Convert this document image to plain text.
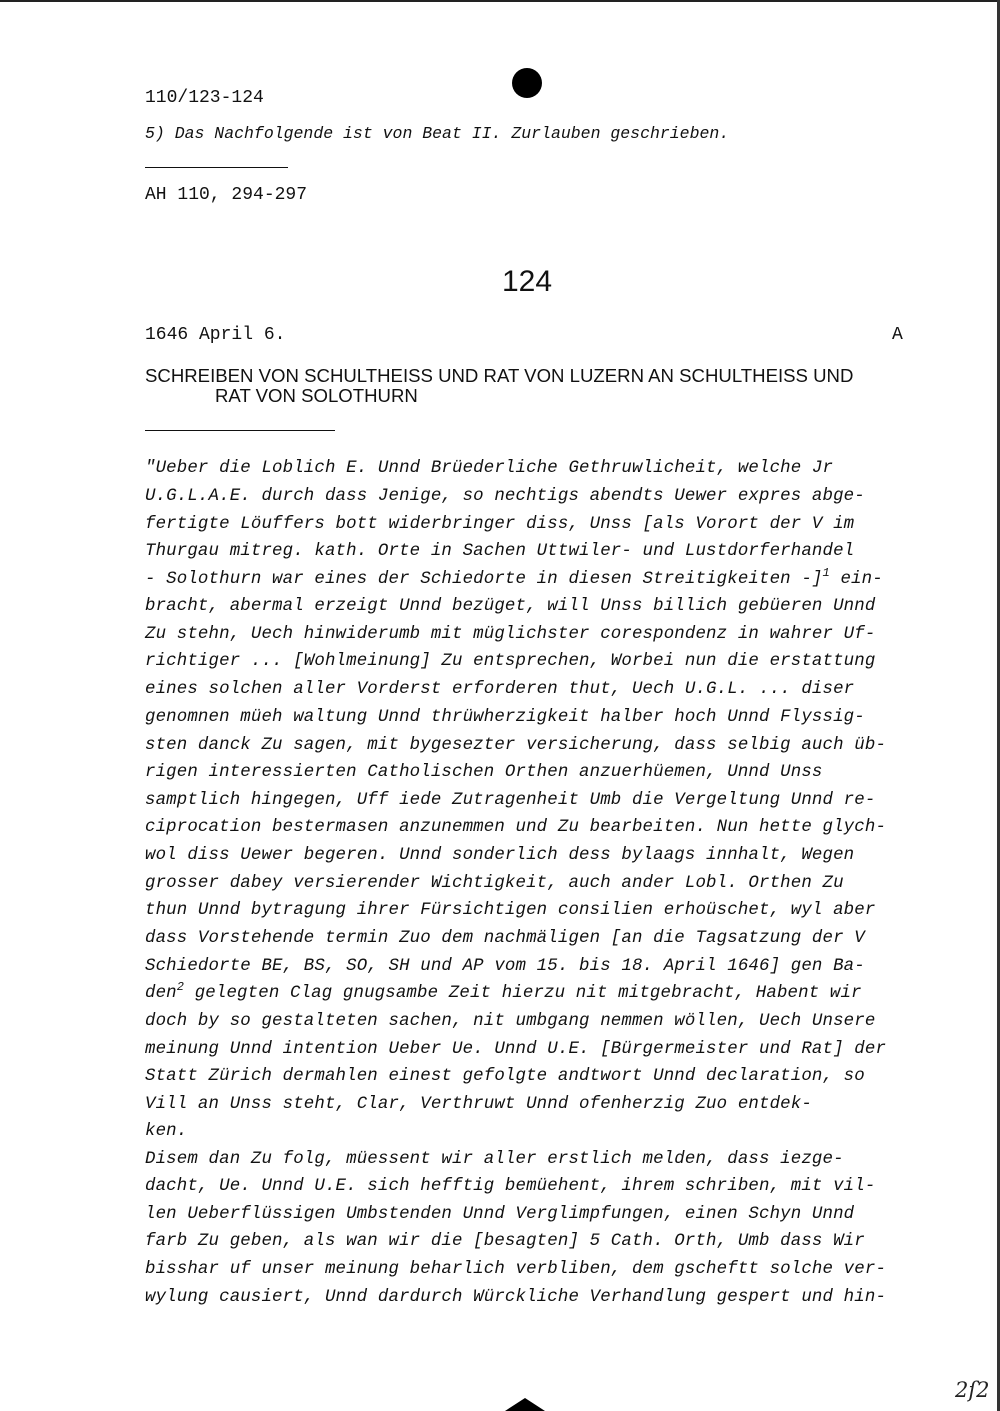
110/123-124
5) Das Nachfolgende ist von Beat II. Zurlauben geschrieben.
AH 110, 294-297
124
1646 April 6.	A
SCHREIBEN VON SCHULTHEISS UND RAT VON LUZERN AN SCHULTHEISS UND
RAT VON SOLOTHURN
"Ueber die Loblich E. Unnd Brüederliche Gethruwlicheit, welche Jr
U.G.L.A.E. durch dass Jenige, so nechtigs abendts Uewer expres abge-
fertigte Löuffers bott widerbringer diss, Unss [als Vorort der V im
Thurgau mitreg. kath. Orte in Sachen Uttwiler- und Lustdorferhandel
- Solothurn war eines der Schiedorte in diesen Streitigkeiten -]$^1$ ein-
bracht, abermal erzeigt Unnd bezüget, will Unss billich gebüeren Unnd
Zu stehn, Uech hinwiderumb mit müglichster corespondenz in wahrer Uf-
richtiger ... [Wohlmeinung] Zu entsprechen, Worbei nun die erstattung
eines solchen aller Vorderst erforderen thut, Uech U.G.L. ... diser
genomnen müeh waltung Unnd thrüwherzigkeit halber hoch Unnd Flyssig-
sten danck Zu sagen, mit bygesezter versicherung, dass selbig auch üb-
rigen interessierten Catholischen Orthen anzuerhüemen, Unnd Unss
samptlich hingegen, Uff iede Zutragenheit Umb die Vergeltung Unnd re-
ciprocation bestermasen anzunemmen und Zu bearbeiten. Nun hette glych-
wol diss Uewer begeren. Unnd sonderlich dess bylaags innhalt, Wegen
grosser dabey versierender Wichtigkeit, auch ander Lobl. Orthen Zu
thun Unnd bytragung ihrer Fürsichtigen consilien erhoüschet, wyl aber
dass Vorstehende termin Zuo dem nachmäligen [an die Tagsatzung der V
Schiedorte BE, BS, SO, SH und AP vom 15. bis 18. April 1646] gen Ba-
den$^2$ gelegten Clag gnugsambe Zeit hierzu nit mitgebracht, Habent wir
doch by so gestalteten sachen, nit umbgang nemmen wöllen, Uech Unsere
meinung Unnd intention Ueber Ue. Unnd U.E. [Bürgermeister und Rat] der
Statt Zürich dermahlen einest gefolgte andtwort Unnd declaration, so
Vill an Unss steht, Clar, Verthruwt Unnd ofenherzig Zuo entdek-
ken.
Disem dan Zu folg, müessent wir aller erstlich melden, dass iezge-
dacht, Ue. Unnd U.E. sich hefftig bemüehent, ihrem schriben, mit vil-
len Ueberflüssigen Umbstenden Unnd Verglimpfungen, einen Schyn Unnd
farb Zu geben, als wan wir die [besagten] 5 Cath. Orth, Umb dass Wir
bisshar uf unser meinung beharlich verbliben, dem gscheftt solche ver-
wylung causiert, Unnd dardurch Würckliche Verhandlung gespert und hin-
2ſ2
